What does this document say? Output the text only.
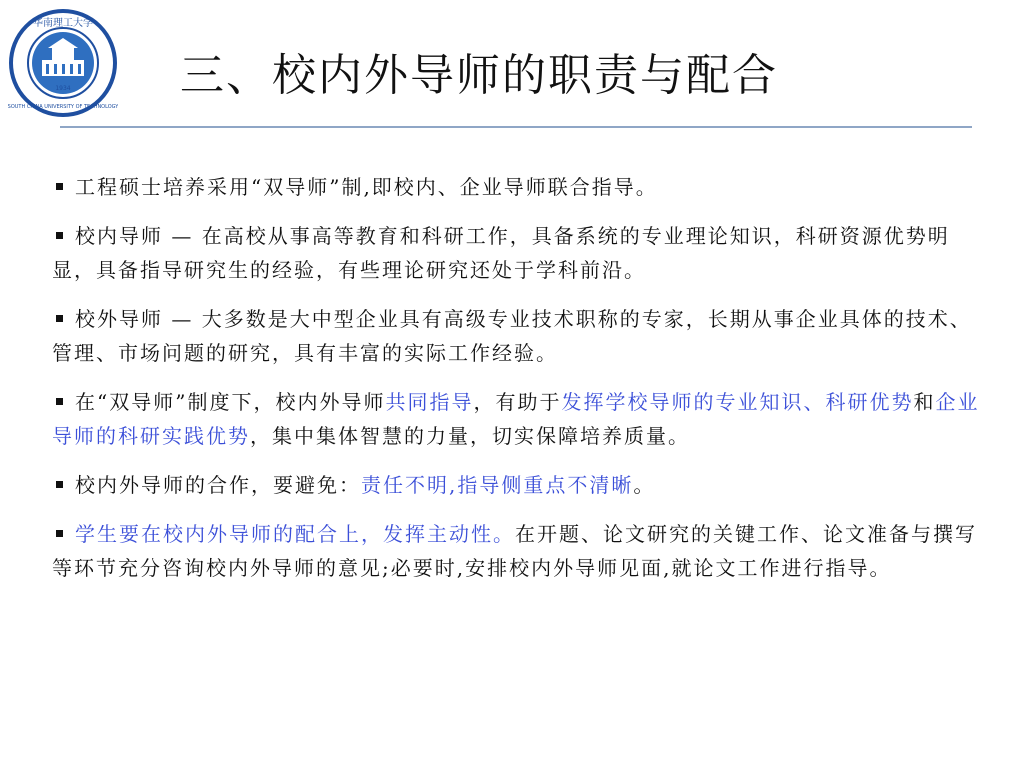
华南理工大学
SOUTH CHINA UNIVERSITY OF TECHNOLOGY
1934 三、校内外导师的职责与配合
工程硕士培养采用“双导师”制,即校内、企业导师联合指导。
校内导师 — 在高校从事高等教育和科研工作，具备系统的专业理论知识，科研资源优势明显，具备指导研究生的经验，有些理论研究还处于学科前沿。
校外导师 — 大多数是大中型企业具有高级专业技术职称的专家，长期从事企业具体的技术、管理、市场问题的研究，具有丰富的实际工作经验。
在“双导师”制度下，校内外导师共同指导，有助于发挥学校导师的专业知识、科研优势和企业导师的科研实践优势，集中集体智慧的力量，切实保障培养质量。
校内外导师的合作，要避免：责任不明,指导侧重点不清晰。
学生要在校内外导师的配合上，发挥主动性。在开题、论文研究的关键工作、论文准备与撰写等环节充分咨询校内外导师的意见;必要时,安排校内外导师见面,就论文工作进行指导。
